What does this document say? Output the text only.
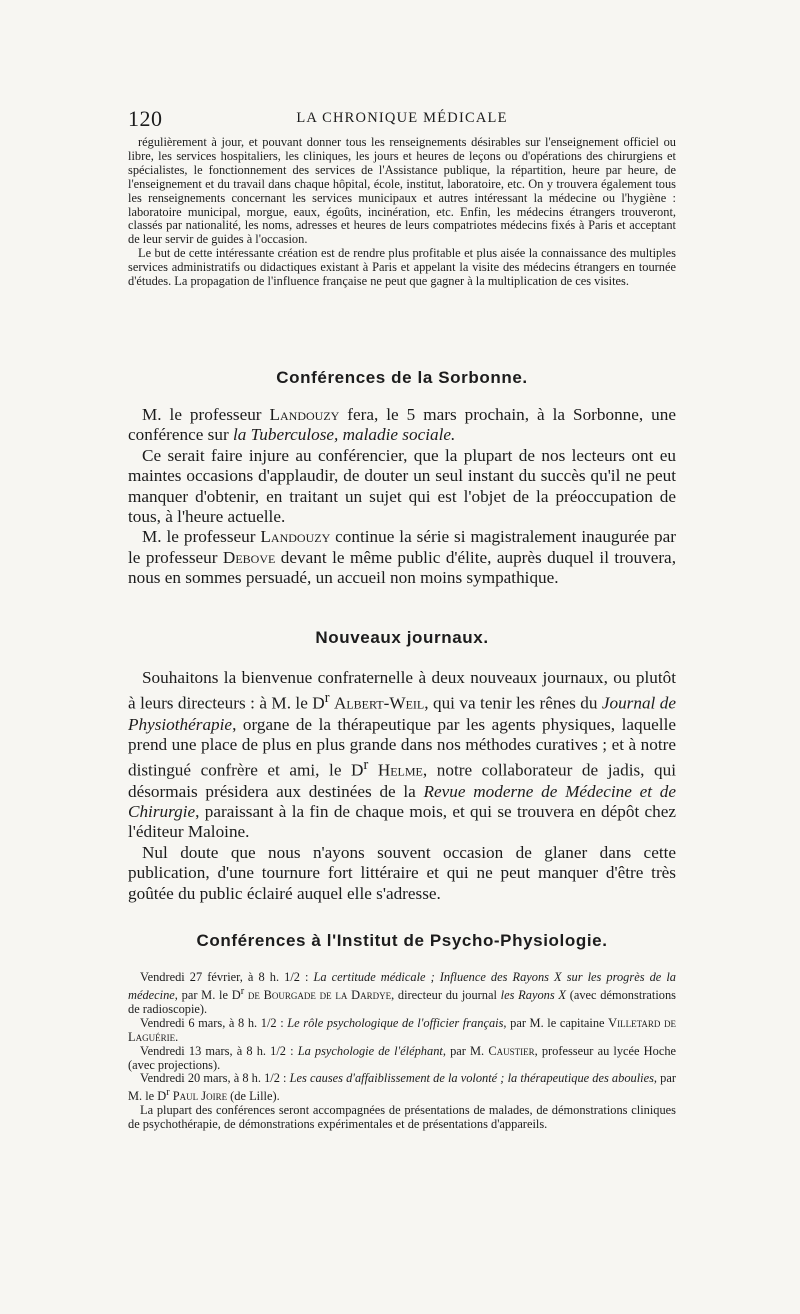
120	LA CHRONIQUE MÉDICALE

régulièrement à jour, et pouvant donner tous les renseignements désirables sur l'enseignement officiel ou libre, les services hospitaliers, les cliniques, les jours et heures de leçons ou d'opérations des chirurgiens et spécialistes, le fonctionnement des services de l'Assistance publique, la répartition, heure par heure, de l'enseignement et du travail dans chaque hôpital, école, institut, laboratoire, etc. On y trouvera également tous les renseignements concernant les services municipaux et autres intéressant la médecine ou l'hygiène : laboratoire municipal, morgue, eaux, égoûts, incinération, etc. Enfin, les médecins étrangers trouveront, classés par nationalité, les noms, adresses et heures de leurs compatriotes médecins fixés à Paris et acceptant de leur servir de guides à l'occasion.

Le but de cette intéressante création est de rendre plus profitable et plus aisée la connaissance des multiples services administratifs ou didactiques existant à Paris et appelant la visite des médecins étrangers en tournée d'études. La propagation de l'influence française ne peut que gagner à la multiplication de ces visites.

Conférences de la Sorbonne.

M. le professeur Landouzy fera, le 5 mars prochain, à la Sorbonne, une conférence sur la Tuberculose, maladie sociale.

Ce serait faire injure au conférencier, que la plupart de nos lecteurs ont eu maintes occasions d'applaudir, de douter un seul instant du succès qu'il ne peut manquer d'obtenir, en traitant un sujet qui est l'objet de la préoccupation de tous, à l'heure actuelle.

M. le professeur Landouzy continue la série si magistralement inaugurée par le professeur Debove devant le même public d'élite, auprès duquel il trouvera, nous en sommes persuadé, un accueil non moins sympathique.

Nouveaux journaux.

Souhaitons la bienvenue confraternelle à deux nouveaux journaux, ou plutôt à leurs directeurs : à M. le $D^r$ Albert-Weil, qui va tenir les rênes du Journal de Physiothérapie, organe de la thérapeutique par les agents physiques, laquelle prend une place de plus en plus grande dans nos méthodes curatives ; et à notre distingué confrère et ami, le $D^r$ Helme, notre collaborateur de jadis, qui désormais présidera aux destinées de la Revue moderne de Médecine et de Chirurgie, paraissant à la fin de chaque mois, et qui se trouvera en dépôt chez l'éditeur Maloine.

Nul doute que nous n'ayons souvent occasion de glaner dans cette publication, d'une tournure fort littéraire et qui ne peut manquer d'être très goûtée du public éclairé auquel elle s'adresse.

Conférences à l'Institut de Psycho-Physiologie.

Vendredi 27 février, à 8 h. 1/2 : La certitude médicale ; Influence des Rayons X sur les progrès de la médecine, par M. le $D^r$ de Bourgade de la Dardye, directeur du journal les Rayons X (avec démonstrations de radioscopie).

Vendredi 6 mars, à 8 h. 1/2 : Le rôle psychologique de l'officier français, par M. le capitaine Villetard de Laguérie.

Vendredi 13 mars, à 8 h. 1/2 : La psychologie de l'éléphant, par M. Caustier, professeur au lycée Hoche (avec projections).

Vendredi 20 mars, à 8 h. 1/2 : Les causes d'affaiblissement de la volonté ; la thérapeutique des aboulies, par M. le $D^r$ Paul Joire (de Lille).

La plupart des conférences seront accompagnées de présentations de malades, de démonstrations cliniques de psychothérapie, de démonstrations expérimentales et de présentations d'appareils.
